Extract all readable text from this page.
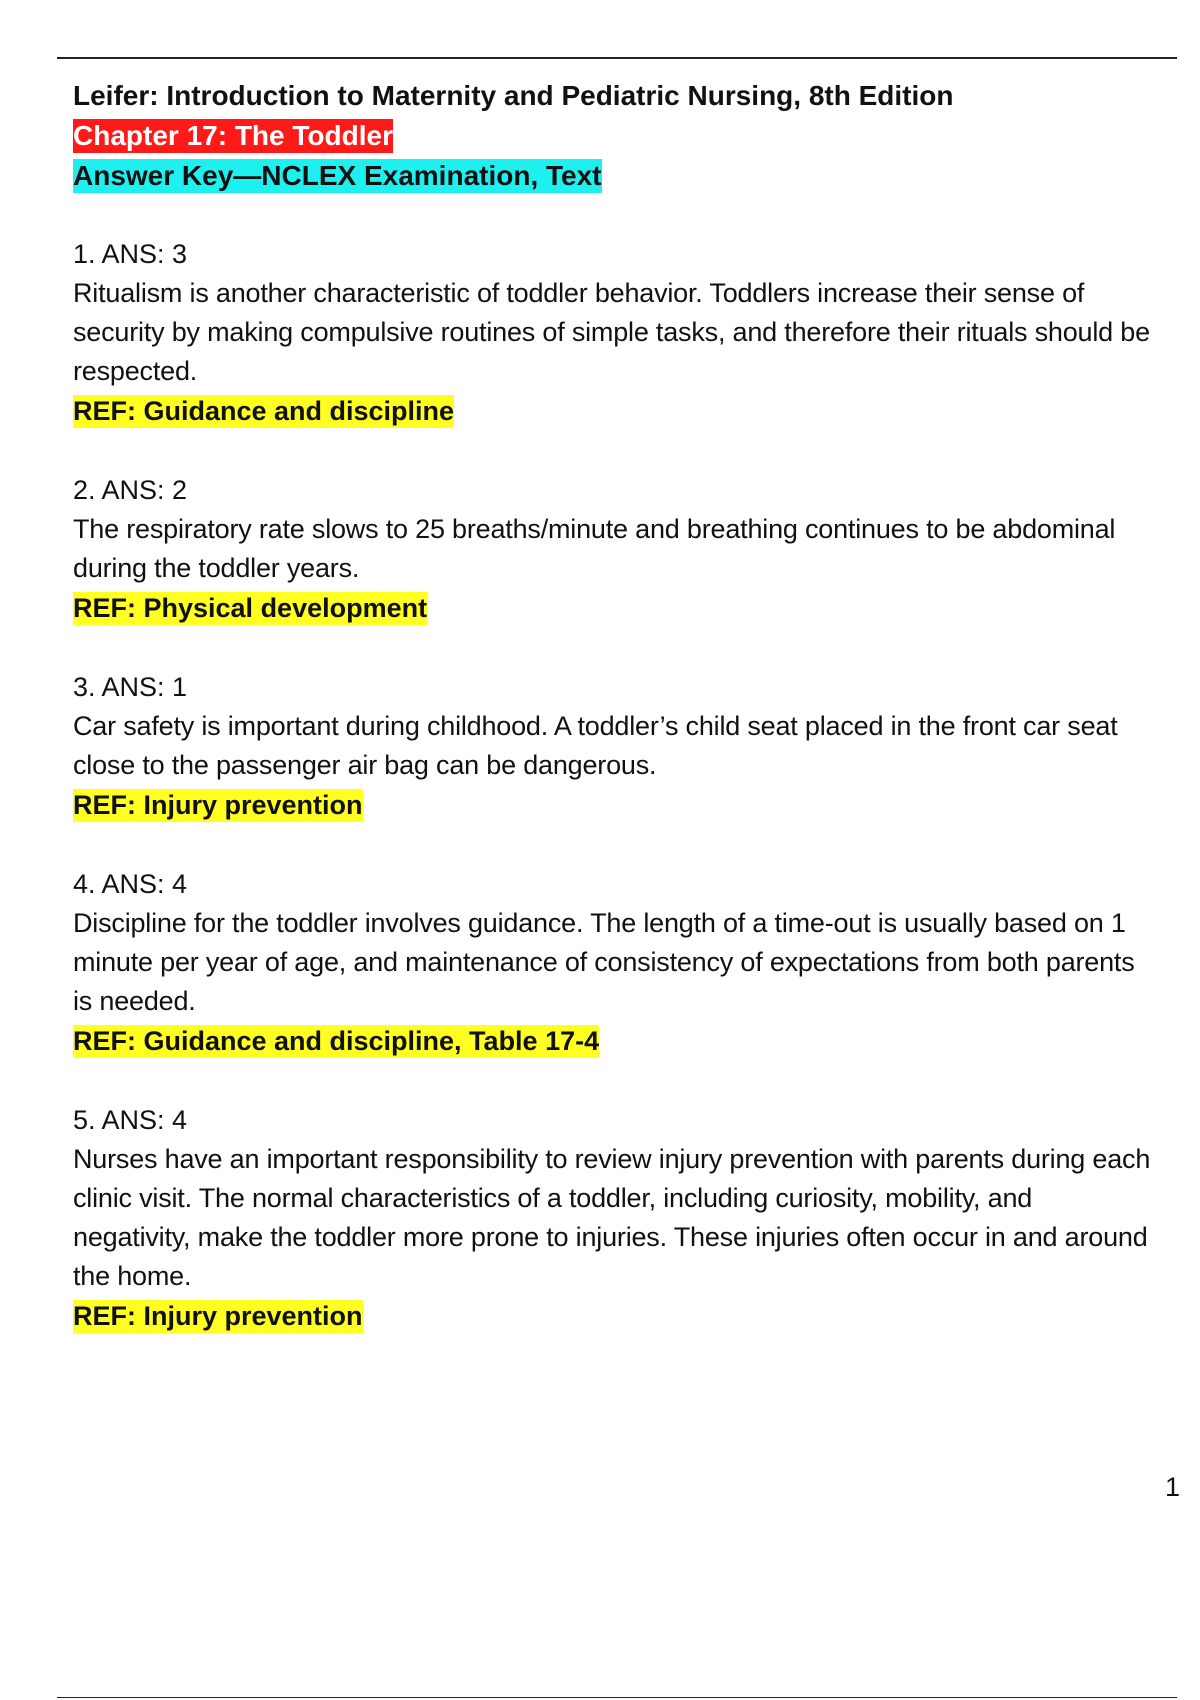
Leifer: Introduction to Maternity and Pediatric Nursing, 8th Edition
Chapter 17: The Toddler
Answer Key—NCLEX Examination, Text
1. ANS: 3
Ritualism is another characteristic of toddler behavior. Toddlers increase their sense of security by making compulsive routines of simple tasks, and therefore their rituals should be respected.
REF: Guidance and discipline
2. ANS: 2
The respiratory rate slows to 25 breaths/minute and breathing continues to be abdominal during the toddler years.
REF: Physical development
3. ANS: 1
Car safety is important during childhood. A toddler’s child seat placed in the front car seat close to the passenger air bag can be dangerous.
REF: Injury prevention
4. ANS: 4
Discipline for the toddler involves guidance. The length of a time-out is usually based on 1 minute per year of age, and maintenance of consistency of expectations from both parents is needed.
REF: Guidance and discipline, Table 17-4
5. ANS: 4
Nurses have an important responsibility to review injury prevention with parents during each clinic visit. The normal characteristics of a toddler, including curiosity, mobility, and negativity, make the toddler more prone to injuries. These injuries often occur in and around the home.
REF: Injury prevention
1
